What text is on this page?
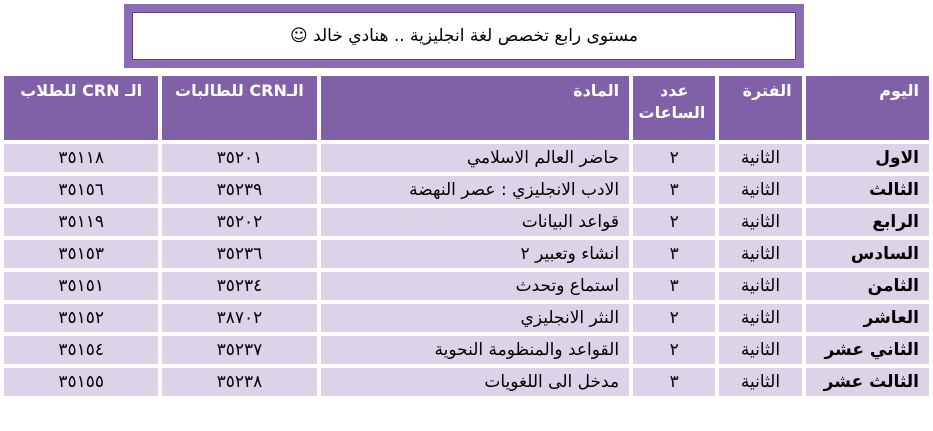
مستوى رابع تخصص لغة انجليزية .. هنادي خالد ☺
اليوم	الفترة	عدد الساعات	المادة	الـCRN للطالبات	الـ CRN للطلاب
الاول	الثانية	٢	حاضر العالم الاسلامي	٣٥٢٠١	٣٥١١٨
الثالث	الثانية	٣	الادب الانجليزي : عصر النهضة	٣٥٢٣٩	٣٥١٥٦
الرابع	الثانية	٢	قواعد البيانات	٣٥٢٠٢	٣٥١١٩
السادس	الثانية	٣	انشاء وتعبير ٢	٣٥٢٣٦	٣٥١٥٣
الثامن	الثانية	٣	استماع وتحدث	٣٥٢٣٤	٣٥١٥١
العاشر	الثانية	٢	النثر الانجليزي	٣٨٧٠٢	٣٥١٥٢
الثاني عشر	الثانية	٢	القواعد والمنظومة النحوية	٣٥٢٣٧	٣٥١٥٤
الثالث عشر	الثانية	٣	مدخل الى اللغويات	٣٥٢٣٨	٣٥١٥٥
